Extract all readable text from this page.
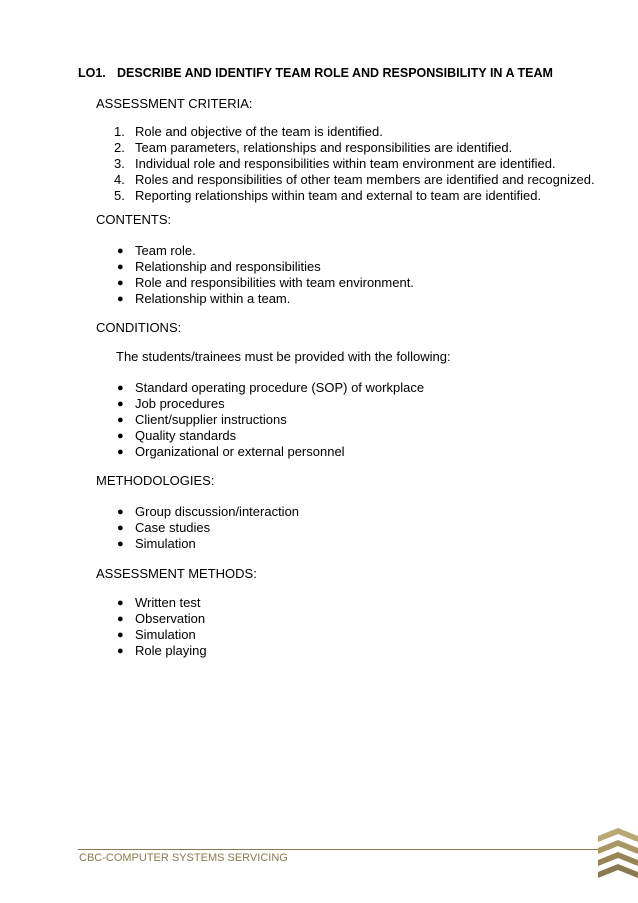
LO1. DESCRIBE AND IDENTIFY TEAM ROLE AND RESPONSIBILITY IN A TEAM
ASSESSMENT CRITERIA:
1. Role and objective of the team is identified.
2. Team parameters, relationships and responsibilities are identified.
3. Individual role and responsibilities within team environment are identified.
4. Roles and responsibilities of other team members are identified and recognized.
5. Reporting relationships within team and external to team are identified.
CONTENTS:
● Team role.
● Relationship and responsibilities
● Role and responsibilities with team environment.
● Relationship within a team.
CONDITIONS:
The students/trainees must be provided with the following:
● Standard operating procedure (SOP) of workplace
● Job procedures
● Client/supplier instructions
● Quality standards
● Organizational or external personnel
METHODOLOGIES:
● Group discussion/interaction
● Case studies
● Simulation
ASSESSMENT METHODS:
● Written test
● Observation
● Simulation
● Role playing
CBC-COMPUTER SYSTEMS SERVICING
